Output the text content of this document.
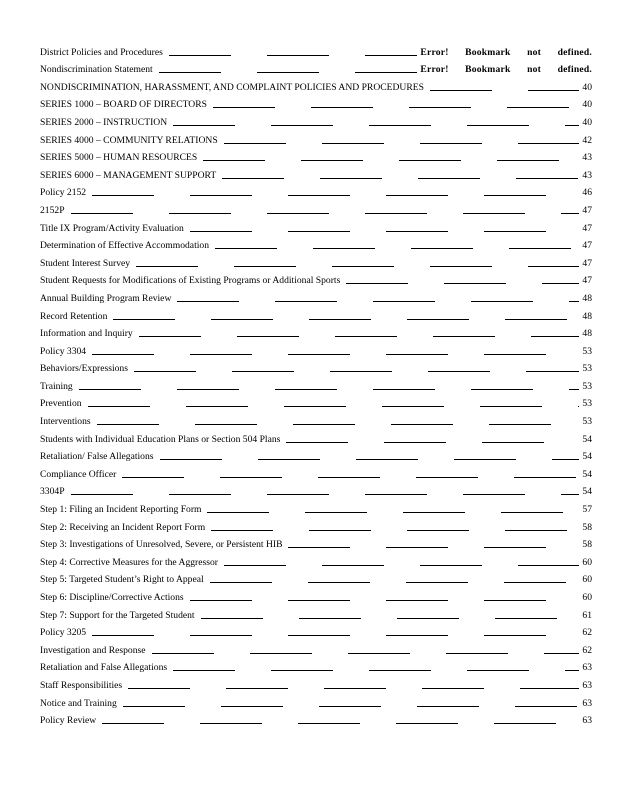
District Policies and Procedures	Error! Bookmark not defined.
Nondiscrimination Statement	Error! Bookmark not defined.
NONDISCRIMINATION, HARASSMENT, AND COMPLAINT POLICIES AND PROCEDURES	40
SERIES 1000 – BOARD OF DIRECTORS	40
SERIES 2000 – INSTRUCTION	40
SERIES 4000 – COMMUNITY RELATIONS	42
SERIES 5000 – HUMAN RESOURCES	43
SERIES 6000 – MANAGEMENT SUPPORT	43
Policy 2152	46
2152P	47
Title IX Program/Activity Evaluation	47
Determination of Effective Accommodation	47
Student Interest Survey	47
Student Requests for Modifications of Existing Programs or Additional Sports	47
Annual Building Program Review	48
Record Retention	48
Information and Inquiry	48
Policy 3304	53
Behaviors/Expressions	53
Training	53
Prevention	53
Interventions	53
Students with Individual Education Plans or Section 504 Plans	54
Retaliation/ False Allegations	54
Compliance Officer	54
3304P	54
Step 1: Filing an Incident Reporting Form	57
Step 2: Receiving an Incident Report Form	58
Step 3: Investigations of Unresolved, Severe, or Persistent HIB	58
Step 4: Corrective Measures for the Aggressor	60
Step 5: Targeted Student’s Right to Appeal	60
Step 6: Discipline/Corrective Actions	60
Step 7: Support for the Targeted Student	61
Policy 3205	62
Investigation and Response	62
Retaliation and False Allegations	63
Staff Responsibilities	63
Notice and Training	63
Policy Review	63
